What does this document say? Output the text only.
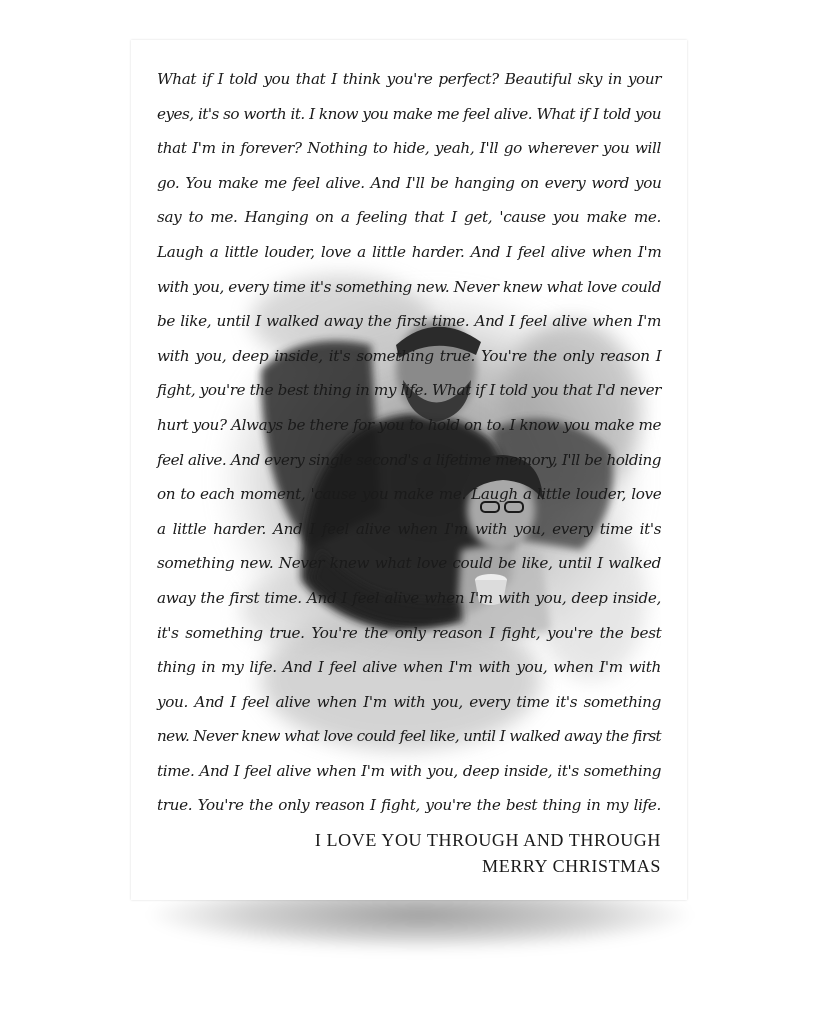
What if I told you that I think you're perfect? Beautiful sky in your
eyes, it's so worth it. I know you make me feel alive. What if I told you
that I'm in forever? Nothing to hide, yeah, I'll go wherever you will
go. You make me feel alive. And I'll be hanging on every word you
say to me. Hanging on a feeling that I get, 'cause you make me.
Laugh a little louder, love a little harder. And I feel alive when I'm
with you, every time it's something new. Never knew what love could
be like, until I walked away the first time. And I feel alive when I'm
with you, deep inside, it's something true. You're the only reason I
fight, you're the best thing in my life. What if I told you that I'd never
hurt you? Always be there for you to hold on to. I know you make me
feel alive. And every single second's a lifetime memory, I'll be holding
on to each moment, 'cause you make me. Laugh a little louder, love
a little harder. And I feel alive when I'm with you, every time it's
something new. Never knew what love could be like, until I walked
away the first time. And I feel alive when I'm with you, deep inside,
it's something true. You're the only reason I fight, you're the best
thing in my life. And I feel alive when I'm with you, when I'm with
you. And I feel alive when I'm with you, every time it's something
new. Never knew what love could feel like, until I walked away the first
time. And I feel alive when I'm with you, deep inside, it's something
true. You're the only reason I fight, you're the best thing in my life.
I LOVE YOU THROUGH AND THROUGH
MERRY CHRISTMAS
